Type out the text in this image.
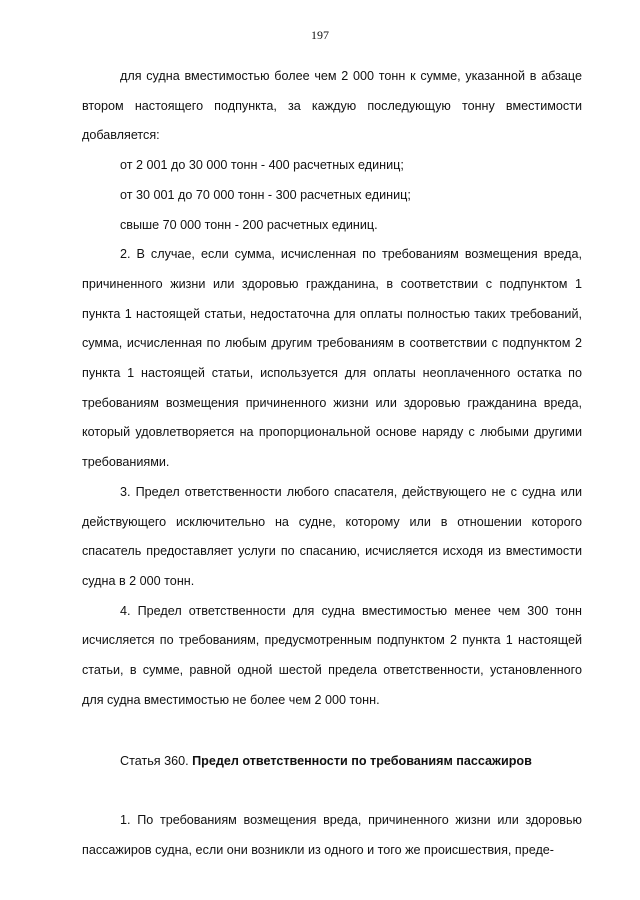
197

для судна вместимостью более чем 2 000 тонн к сумме, указанной в абзаце втором настоящего подпункта, за каждую последующую тонну вместимости добавляется:

от 2 001 до 30 000 тонн - 400 расчетных единиц;

от 30 001 до 70 000 тонн - 300 расчетных единиц;

свыше 70 000 тонн - 200 расчетных единиц.

2. В случае, если сумма, исчисленная по требованиям возмещения вреда, причиненного жизни или здоровью гражданина, в соответствии с подпунктом 1 пункта 1 настоящей статьи, недостаточна для оплаты полностью таких требований, сумма, исчисленная по любым другим требованиям в соответствии с подпунктом 2 пункта 1 настоящей статьи, используется для оплаты неоплаченного остатка по требованиям возмещения причиненного жизни или здоровью гражданина вреда, который удовлетворяется на пропорциональной основе наряду с любыми другими требованиями.

3. Предел ответственности любого спасателя, действующего не с судна или действующего исключительно на судне, которому или в отношении которого спасатель предоставляет услуги по спасанию, исчисляется исходя из вместимости судна в 2 000 тонн.

4. Предел ответственности для судна вместимостью менее чем 300 тонн исчисляется по требованиям, предусмотренным подпунктом 2 пункта 1 настоящей статьи, в сумме, равной одной шестой предела ответственности, установленного для судна вместимостью не более чем 2 000 тонн.

Статья 360. Предел ответственности по требованиям пассажиров

1. По требованиям возмещения вреда, причиненного жизни или здоровью пассажиров судна, если они возникли из одного и того же происшествия, преде-
